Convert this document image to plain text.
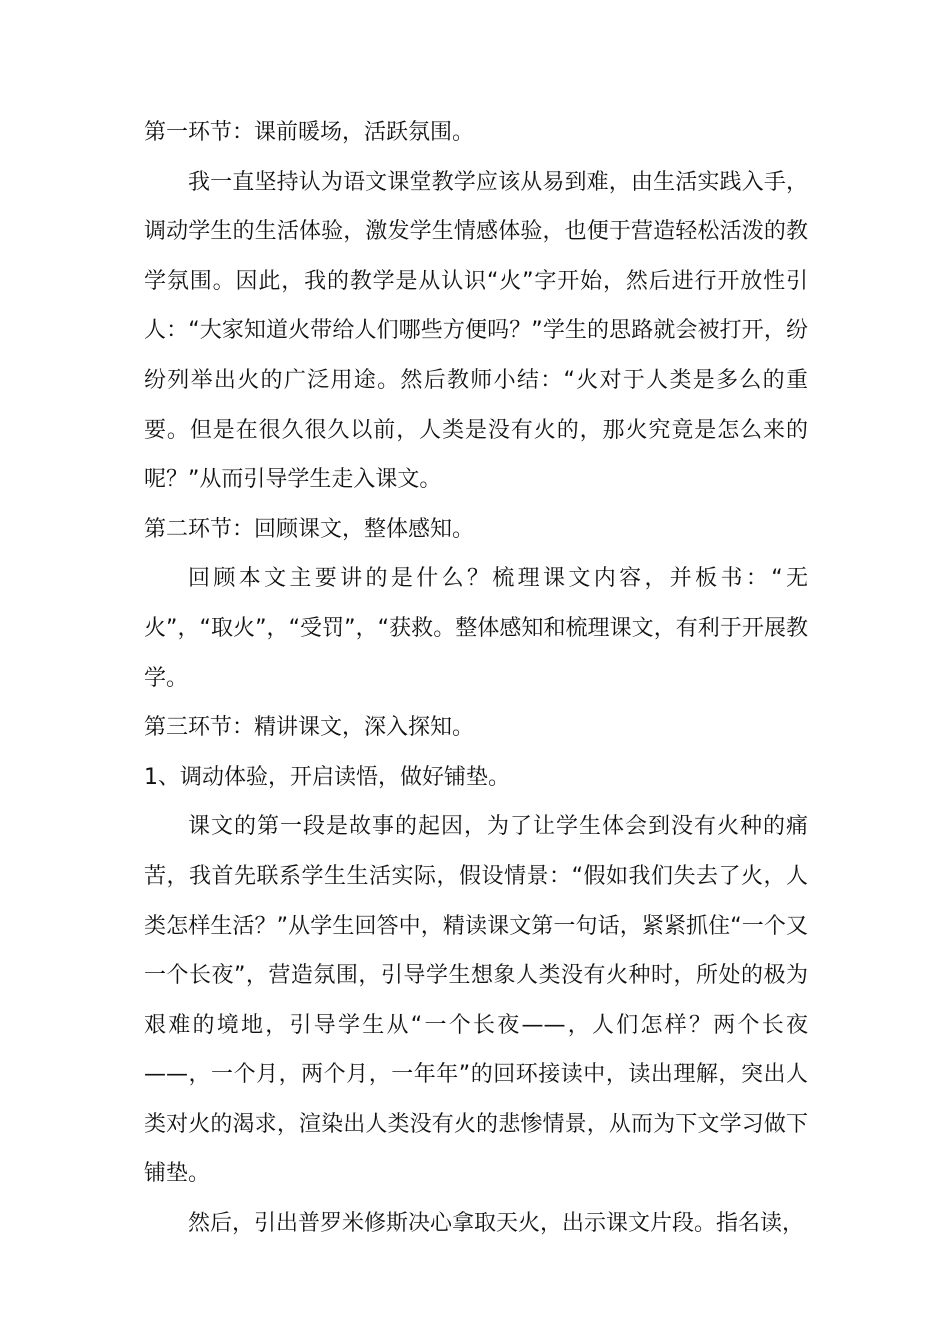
第一环节：课前暖场，活跃氛围。

我一直坚持认为语文课堂教学应该从易到难，由生活实践入手，调动学生的生活体验，激发学生情感体验，也便于营造轻松活泼的教学氛围。因此，我的教学是从认识“火”字开始，然后进行开放性引人：“大家知道火带给人们哪些方便吗？”学生的思路就会被打开，纷纷列举出火的广泛用途。然后教师小结：“火对于人类是多么的重要。但是在很久很久以前，人类是没有火的，那火究竟是怎么来的呢？”从而引导学生走入课文。

第二环节：回顾课文，整体感知。

回顾本文主要讲的是什么？梳理课文内容，并板书：“无火”，“取火”，“受罚”，“获救。整体感知和梳理课文，有利于开展教学。

第三环节：精讲课文，深入探知。

1、调动体验，开启读悟，做好铺垫。

课文的第一段是故事的起因，为了让学生体会到没有火种的痛苦，我首先联系学生生活实际，假设情景：“假如我们失去了火，人类怎样生活？”从学生回答中，精读课文第一句话，紧紧抓住“一个又一个长夜”，营造氛围，引导学生想象人类没有火种时，所处的极为艰难的境地，引导学生从“一个长夜——，人们怎样？两个长夜——，一个月，两个月，一年年”的回环接读中，读出理解，突出人类对火的渴求，渲染出人类没有火的悲惨情景，从而为下文学习做下铺垫。

然后，引出普罗米修斯决心拿取天火，出示课文片段。指名读，
